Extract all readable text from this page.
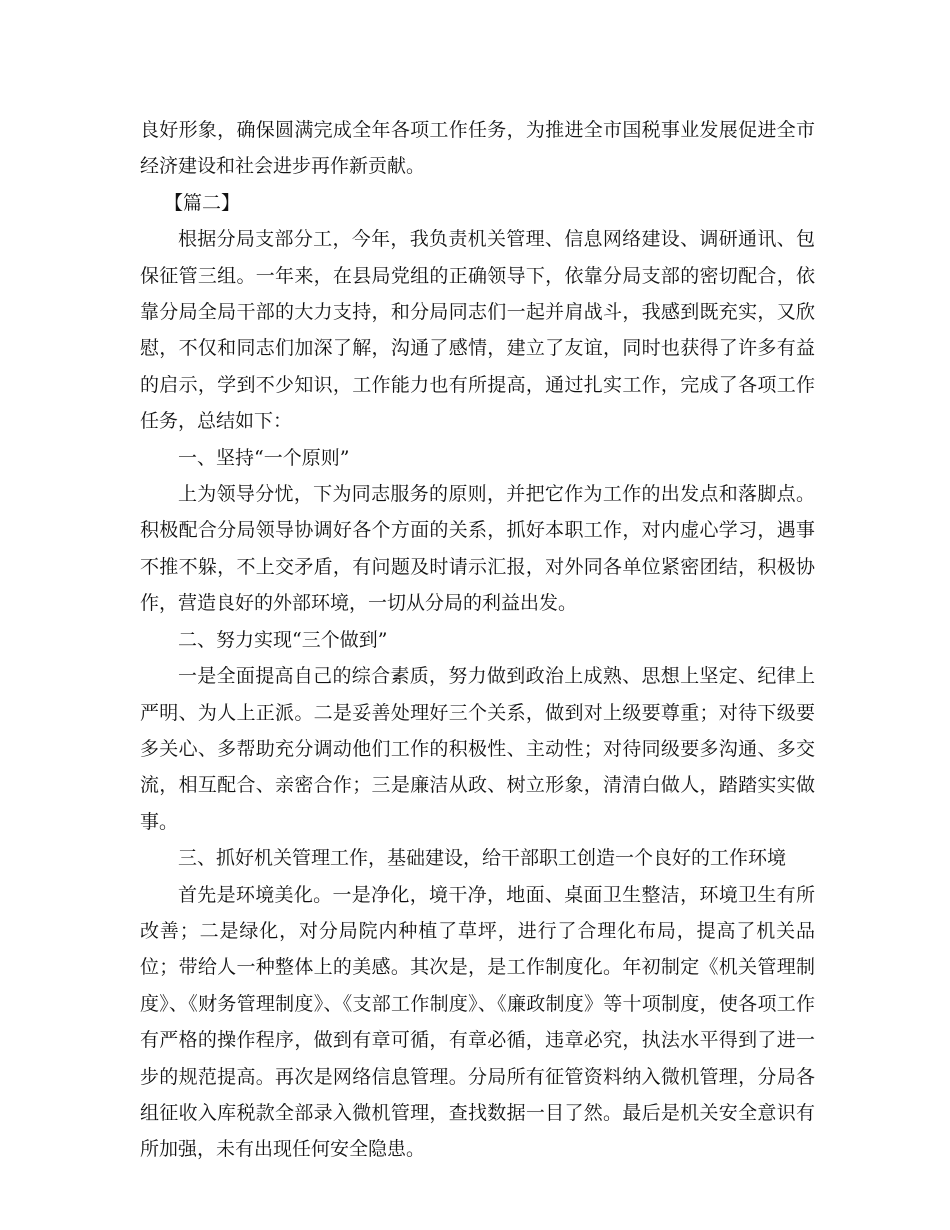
良好形象，确保圆满完成全年各项工作任务，为推进全市国税事业发展促进全市经济建设和社会进步再作新贡献。

【篇二】

根据分局支部分工，今年，我负责机关管理、信息网络建设、调研通讯、包保征管三组。一年来，在县局党组的正确领导下，依靠分局支部的密切配合，依靠分局全局干部的大力支持，和分局同志们一起并肩战斗，我感到既充实，又欣慰，不仅和同志们加深了解，沟通了感情，建立了友谊，同时也获得了许多有益的启示，学到不少知识，工作能力也有所提高，通过扎实工作，完成了各项工作任务，总结如下：

一、坚持“一个原则”

上为领导分忧，下为同志服务的原则，并把它作为工作的出发点和落脚点。积极配合分局领导协调好各个方面的关系，抓好本职工作，对内虚心学习，遇事不推不躲，不上交矛盾，有问题及时请示汇报，对外同各单位紧密团结，积极协作，营造良好的外部环境，一切从分局的利益出发。

二、努力实现“三个做到”

一是全面提高自己的综合素质，努力做到政治上成熟、思想上坚定、纪律上严明、为人上正派。二是妥善处理好三个关系，做到对上级要尊重；对待下级要多关心、多帮助充分调动他们工作的积极性、主动性；对待同级要多沟通、多交流，相互配合、亲密合作；三是廉洁从政、树立形象，清清白做人，踏踏实实做事。

三、抓好机关管理工作，基础建设，给干部职工创造一个良好的工作环境

首先是环境美化。一是净化，境干净，地面、桌面卫生整洁，环境卫生有所改善；二是绿化，对分局院内种植了草坪，进行了合理化布局，提高了机关品位；带给人一种整体上的美感。其次是，是工作制度化。年初制定《机关管理制度》、《财务管理制度》、《支部工作制度》、《廉政制度》等十项制度，使各项工作有严格的操作程序，做到有章可循，有章必循，违章必究，执法水平得到了进一步的规范提高。再次是网络信息管理。分局所有征管资料纳入微机管理，分局各组征收入库税款全部录入微机管理，查找数据一目了然。最后是机关安全意识有所加强，未有出现任何安全隐患。
